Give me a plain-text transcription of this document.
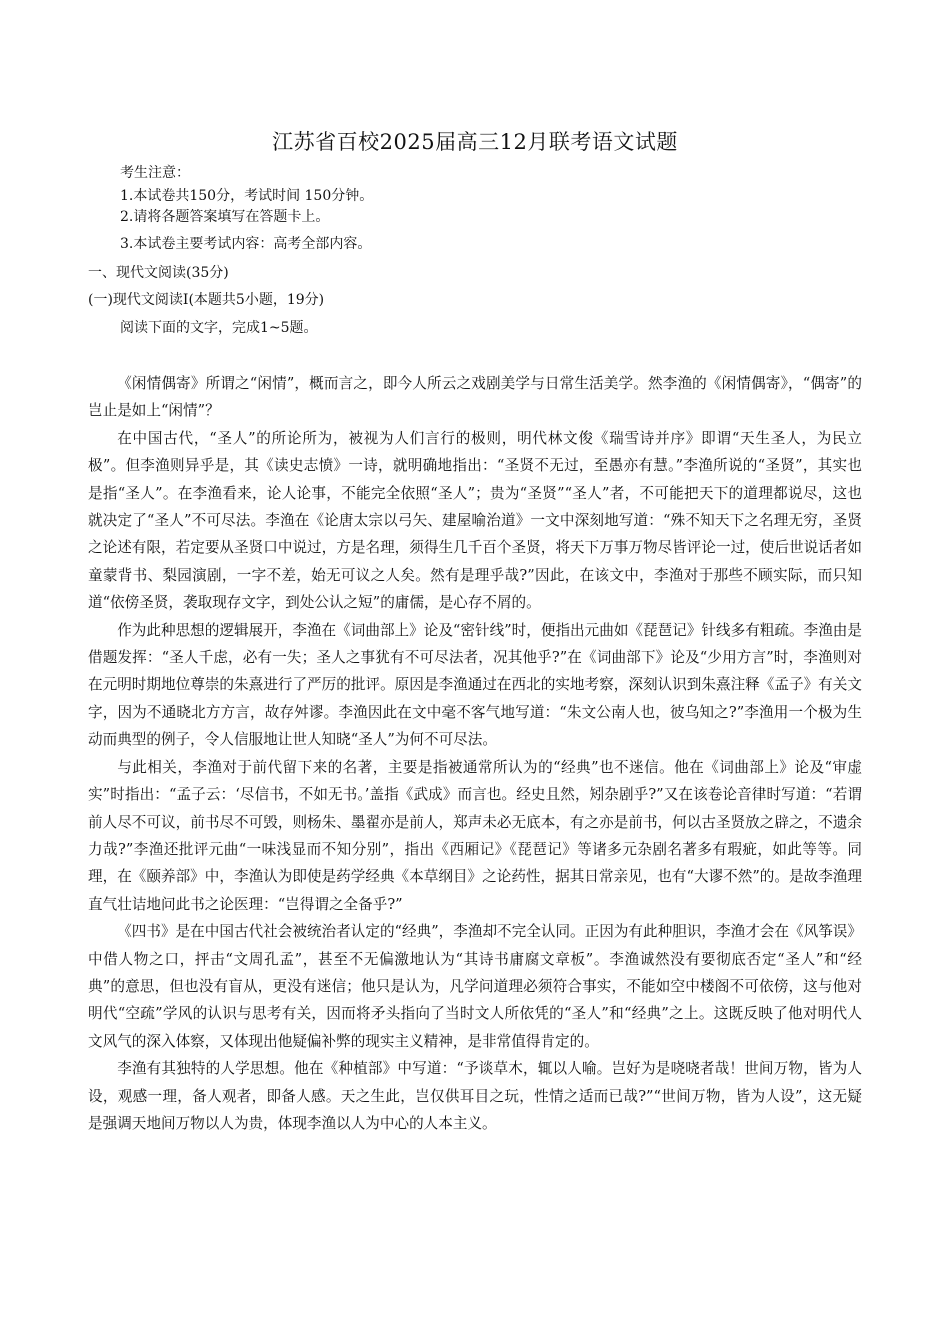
江苏省百校2025届高三12月联考语文试题
考生注意：
1.本试卷共150分，考试时间 150分钟。
2.请将各题答案填写在答题卡上。
3.本试卷主要考试内容：高考全部内容。
一、现代文阅读(35分)
(一)现代文阅读Ⅰ(本题共5小题，19分)
阅读下面的文字，完成1~5题。

《闲情偶寄》所谓之“闲情”，概而言之，即今人所云之戏剧美学与日常生活美学。然李渔的《闲情偶寄》，“偶寄”的岂止是如上“闲情”？

在中国古代，“圣人”的所论所为，被视为人们言行的极则，明代林文俊《瑞雪诗并序》即谓“天生圣人，为民立极”。但李渔则异乎是，其《读史志愤》一诗，就明确地指出：“圣贤不无过，至愚亦有慧。”李渔所说的“圣贤”，其实也是指“圣人”。在李渔看来，论人论事，不能完全依照“圣人”；贵为“圣贤”“圣人”者，不可能把天下的道理都说尽，这也就决定了“圣人”不可尽法。李渔在《论唐太宗以弓矢、建屋喻治道》一文中深刻地写道：“殊不知天下之名理无穷，圣贤之论述有限，若定要从圣贤口中说过，方是名理，须得生几千百个圣贤，将天下万事万物尽皆评论一过，使后世说话者如童蒙背书、梨园演剧，一字不差，始无可议之人矣。然有是理乎哉?”因此，在该文中，李渔对于那些不顾实际，而只知道“依傍圣贤，袭取现存文字，到处公认之短”的庸儒，是心存不屑的。

作为此种思想的逻辑展开，李渔在《词曲部上》论及“密针线”时，便指出元曲如《琵琶记》针线多有粗疏。李渔由是借题发挥：“圣人千虑，必有一失；圣人之事犹有不可尽法者，况其他乎?”在《词曲部下》论及“少用方言”时，李渔则对在元明时期地位尊崇的朱熹进行了严厉的批评。原因是李渔通过在西北的实地考察，深刻认识到朱熹注释《孟子》有关文字，因为不通晓北方方言，故存舛谬。李渔因此在文中毫不客气地写道：“朱文公南人也，彼乌知之?”李渔用一个极为生动而典型的例子，令人信服地让世人知晓“圣人”为何不可尽法。

与此相关，李渔对于前代留下来的名著，主要是指被通常所认为的“经典”也不迷信。他在《词曲部上》论及“审虚实”时指出：“孟子云：‘尽信书，不如无书。’盖指《武成》而言也。经史且然，矧杂剧乎?”又在该卷论音律时写道：“若谓前人尽不可议，前书尽不可毁，则杨朱、墨翟亦是前人，郑声未必无底本，有之亦是前书，何以古圣贤放之辟之，不遗余力哉?”李渔还批评元曲“一味浅显而不知分别”，指出《西厢记》《琵琶记》等诸多元杂剧名著多有瑕疵，如此等等。同理，在《颐养部》中，李渔认为即使是药学经典《本草纲目》之论药性，据其日常亲见，也有“大谬不然”的。是故李渔理直气壮诘地问此书之论医理：“岂得谓之全备乎?”

《四书》是在中国古代社会被统治者认定的“经典”，李渔却不完全认同。正因为有此种胆识，李渔才会在《风筝误》中借人物之口，抨击“文周孔孟”，甚至不无偏激地认为“其诗书庸腐文章板”。李渔诚然没有要彻底否定“圣人”和“经典”的意思，但也没有盲从，更没有迷信；他只是认为，凡学问道理必须符合事实，不能如空中楼阁不可依傍，这与他对明代“空疏”学风的认识与思考有关，因而将矛头指向了当时文人所依凭的“圣人”和“经典”之上。这既反映了他对明代人文风气的深入体察，又体现出他疑偏补弊的现实主义精神，是非常值得肯定的。

李渔有其独特的人学思想。他在《种植部》中写道：“予谈草木，辄以人喻。岂好为是哓哓者哉！世间万物，皆为人设，观感一理，备人观者，即备人感。天之生此，岂仅供耳目之玩，性情之适而已哉?”“世间万物，皆为人设”，这无疑是强调天地间万物以人为贵，体现李渔以人为中心的人本主义。
